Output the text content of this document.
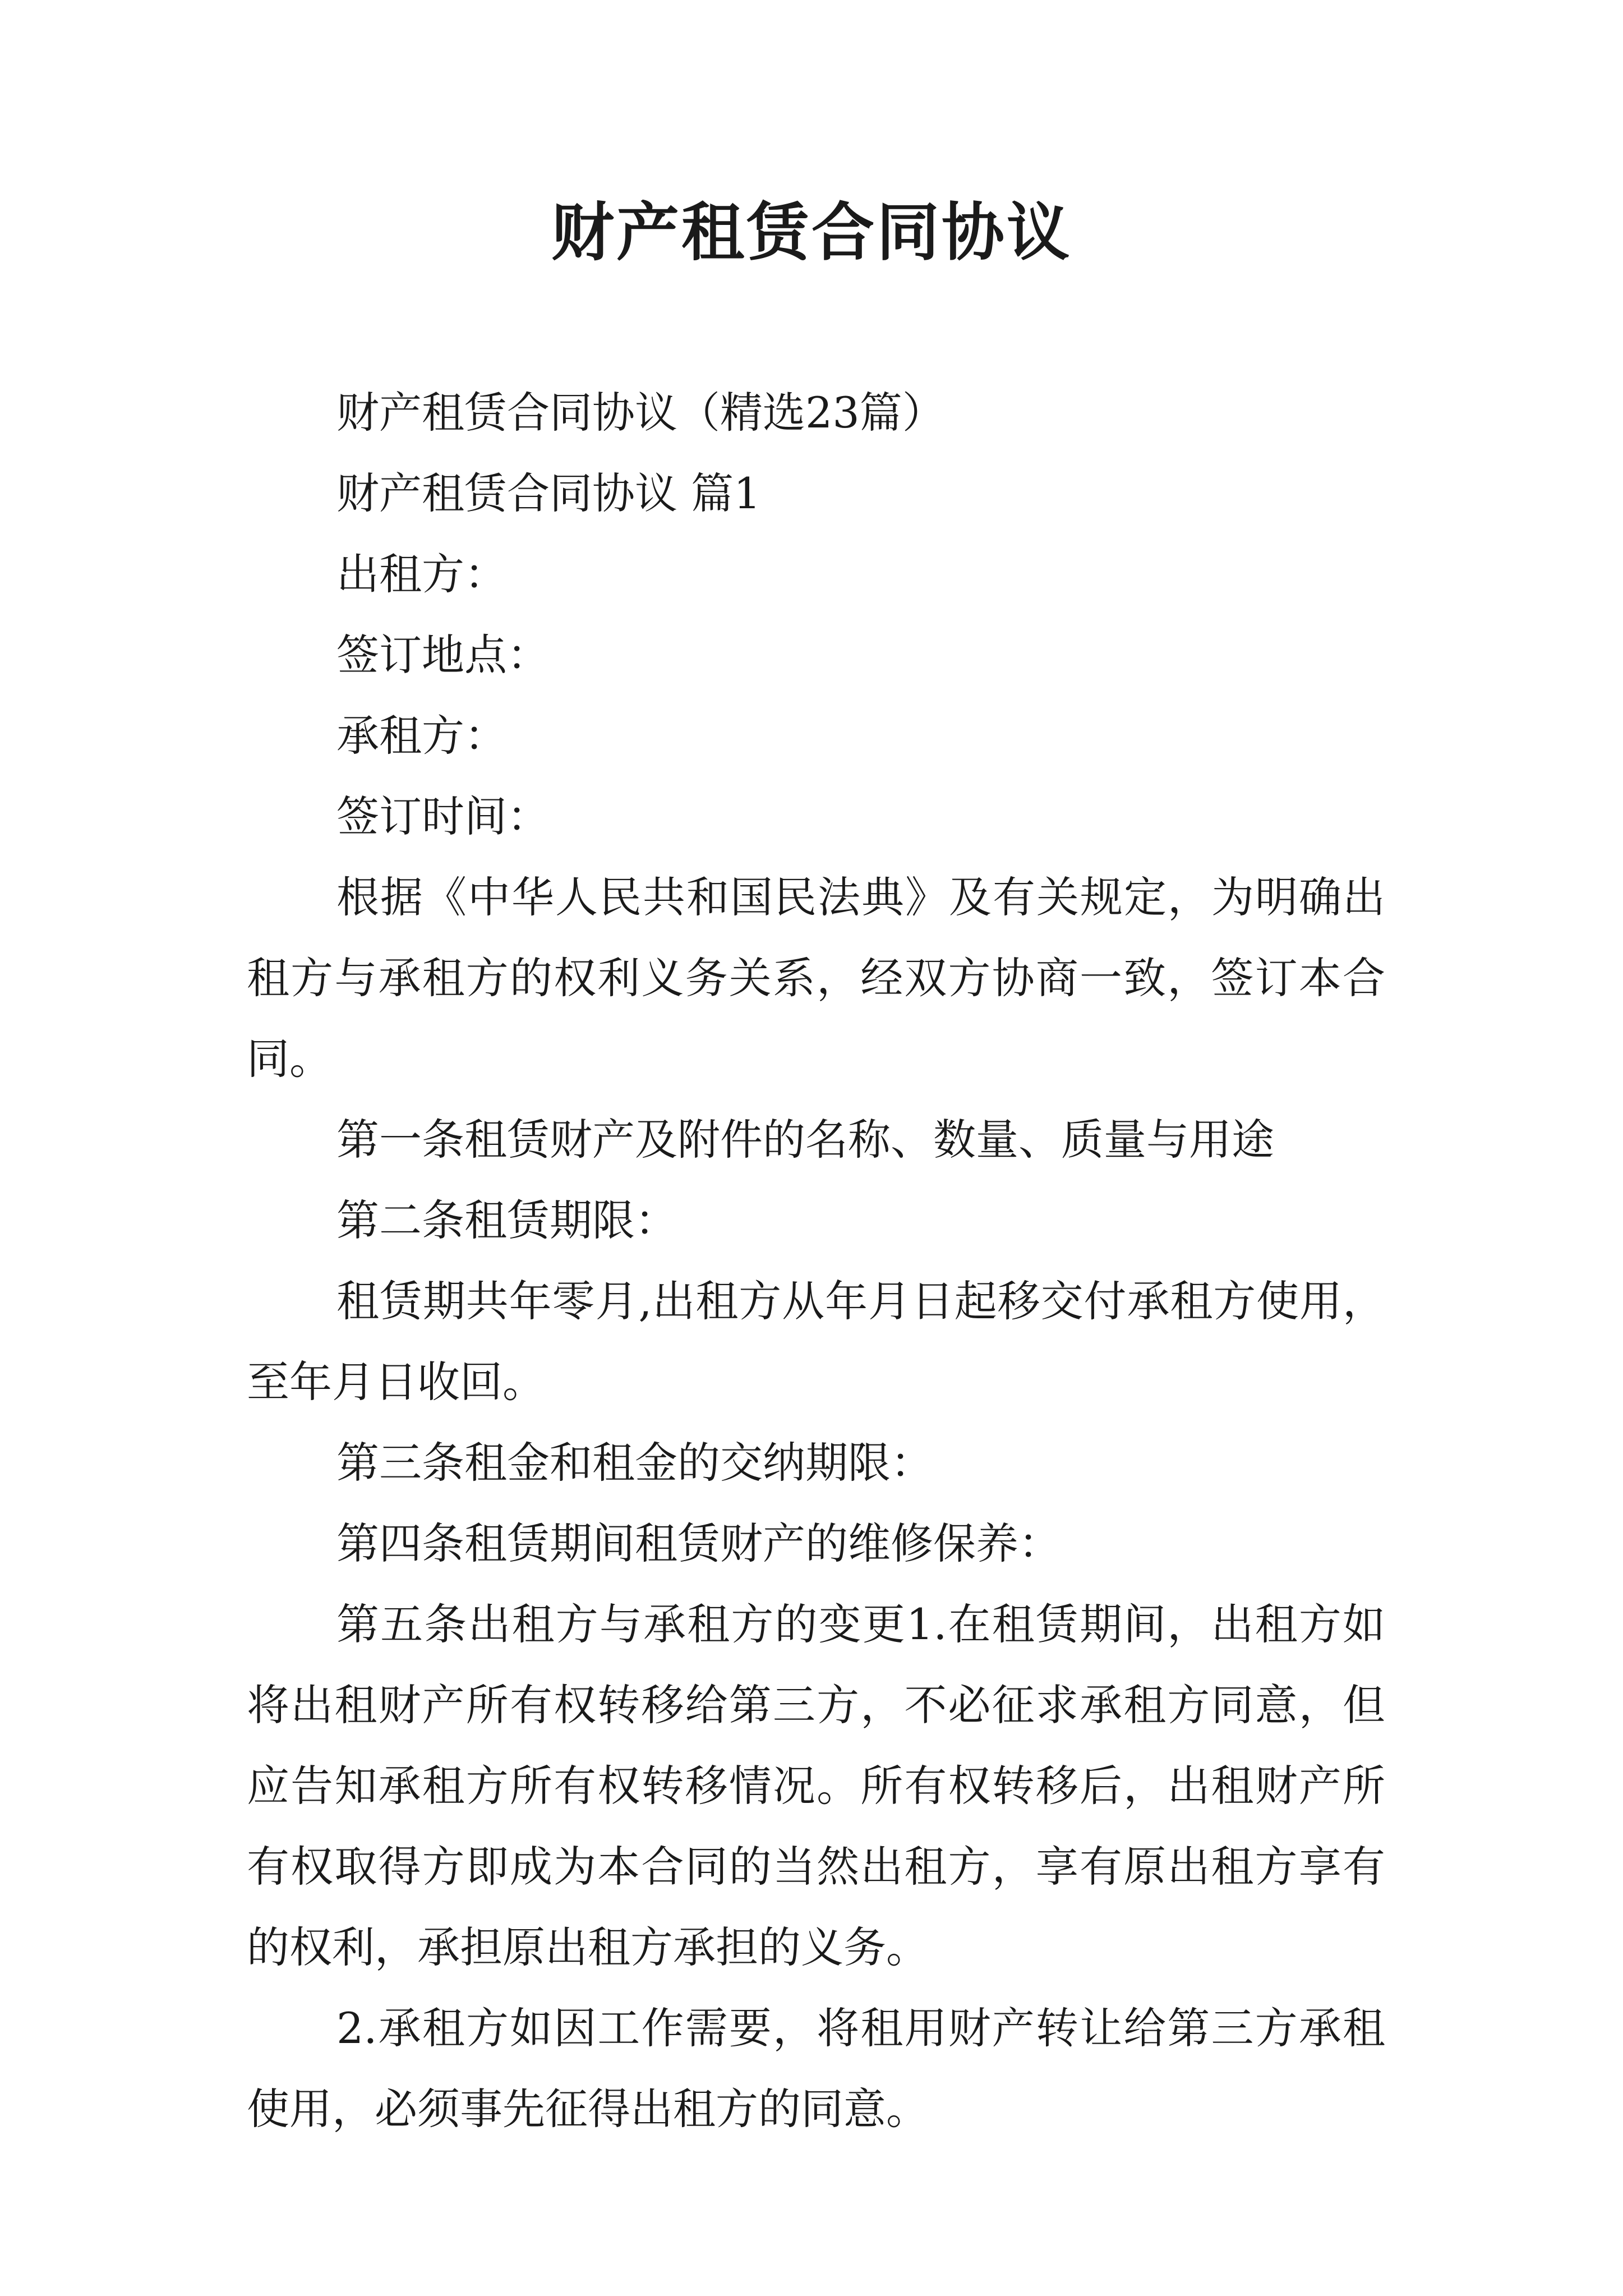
财产租赁合同协议

财产租赁合同协议（精选23篇）

财产租赁合同协议 篇1

出租方：

签订地点：

承租方：

签订时间：

根据《中华人民共和国民法典》及有关规定，为明确出租方与承租方的权利义务关系，经双方协商一致，签订本合同。

第一条租赁财产及附件的名称、数量、质量与用途

第二条租赁期限：

租赁期共年零月,出租方从年月日起移交付承租方使用，至年月日收回。

第三条租金和租金的交纳期限：

第四条租赁期间租赁财产的维修保养：

第五条出租方与承租方的变更1.在租赁期间，出租方如将出租财产所有权转移给第三方，不必征求承租方同意，但应告知承租方所有权转移情况。所有权转移后，出租财产所有权取得方即成为本合同的当然出租方，享有原出租方享有的权利，承担原出租方承担的义务。

2.承租方如因工作需要，将租用财产转让给第三方承租使用，必须事先征得出租方的同意。
